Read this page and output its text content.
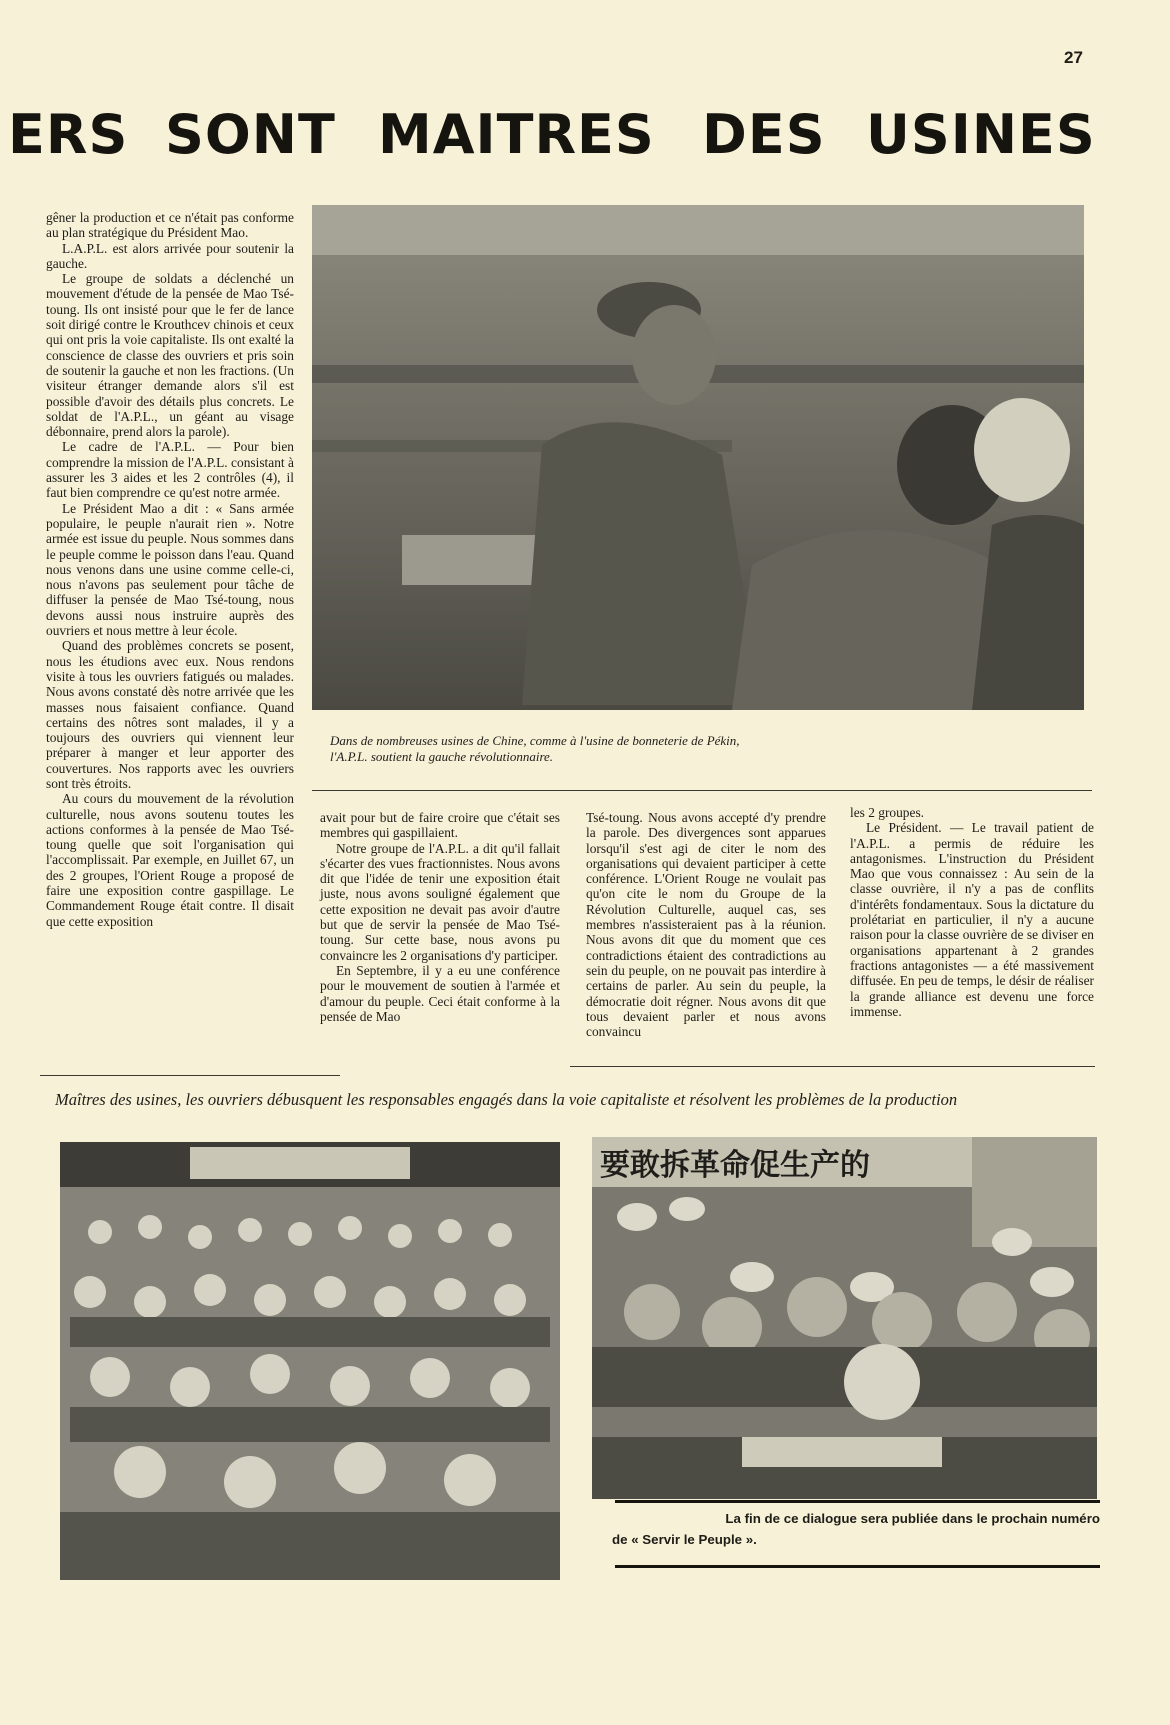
27
ERS SONT MAITRES DES USINES

gêner la production et ce n'était pas conforme au plan stratégique du Président Mao.

L.A.P.L. est alors arrivée pour soutenir la gauche.

Le groupe de soldats a déclenché un mouvement d'étude de la pensée de Mao Tsé-toung. Ils ont insisté pour que le fer de lance soit dirigé contre le Krouthcev chinois et ceux qui ont pris la voie capitaliste. Ils ont exalté la conscience de classe des ouvriers et pris soin de soutenir la gauche et non les fractions. (Un visiteur étranger demande alors s'il est possible d'avoir des détails plus concrets. Le soldat de l'A.P.L., un géant au visage débonnaire, prend alors la parole).

Le cadre de l'A.P.L. — Pour bien comprendre la mission de l'A.P.L. consistant à assurer les 3 aides et les 2 contrôles (4), il faut bien comprendre ce qu'est notre armée.

Le Président Mao a dit : « Sans armée populaire, le peuple n'aurait rien ». Notre armée est issue du peuple. Nous sommes dans le peuple comme le poisson dans l'eau. Quand nous venons dans une usine comme celle-ci, nous n'avons pas seulement pour tâche de diffuser la pensée de Mao Tsé-toung, nous devons aussi nous instruire auprès des ouvriers et nous mettre à leur école.

Quand des problèmes concrets se posent, nous les étudions avec eux. Nous rendons visite à tous les ouvriers fatigués ou malades. Nous avons constaté dès notre arrivée que les masses nous faisaient confiance. Quand certains des nôtres sont malades, il y a toujours des ouvriers qui viennent leur préparer à manger et leur apporter des couvertures. Nos rapports avec les ouvriers sont très étroits.

Au cours du mouvement de la révolution culturelle, nous avons soutenu toutes les actions conformes à la pensée de Mao Tsé-toung quelle que soit l'organisation qui l'accomplissait. Par exemple, en Juillet 67, un des 2 groupes, l'Orient Rouge a proposé de faire une exposition contre gaspillage. Le Commandement Rouge était contre. Il disait que cette exposition

Dans de nombreuses usines de Chine, comme à l'usine de bonneterie de Pékin, l'A.P.L. soutient la gauche révolutionnaire.

avait pour but de faire croire que c'était ses membres qui gaspillaient.

Notre groupe de l'A.P.L. a dit qu'il fallait s'écarter des vues fractionnistes. Nous avons dit que l'idée de tenir une exposition était juste, nous avons souligné également que cette exposition ne devait pas avoir d'autre but que de servir la pensée de Mao Tsé-toung. Sur cette base, nous avons pu convaincre les 2 organisations d'y participer.

En Septembre, il y a eu une conférence pour le mouvement de soutien à l'armée et d'amour du peuple. Ceci était conforme à la pensée de Mao

Tsé-toung. Nous avons accepté d'y prendre la parole. Des divergences sont apparues lorsqu'il s'est agi de citer le nom des organisations qui devaient participer à cette conférence. L'Orient Rouge ne voulait pas qu'on cite le nom du Groupe de la Révolution Culturelle, auquel cas, ses membres n'assisteraient pas à la réunion. Nous avons dit que du moment que ces contradictions étaient des contradictions au sein du peuple, on ne pouvait pas interdire à certains de parler. Au sein du peuple, la démocratie doit régner. Nous avons dit que tous devaient parler et nous avons convaincu

les 2 groupes.

Le Président. — Le travail patient de l'A.P.L. a permis de réduire les antagonismes. L'instruction du Président Mao que vous connaissez : Au sein de la classe ouvrière, il n'y a pas de conflits d'intérêts fondamentaux. Sous la dictature du prolétariat en particulier, il n'y a aucune raison pour la classe ouvrière de se diviser en organisations appartenant à 2 grandes fractions antagonistes — a été massivement diffusée. En peu de temps, le désir de réaliser la grande alliance est devenu une force immense.

Maîtres des usines, les ouvriers débusquent les responsables engagés dans la voie capitaliste et résolvent les problèmes de la production
要敢拆革命促生产的
La fin de ce dialogue sera publiée dans le prochain numéro
de « Servir le Peuple ».
